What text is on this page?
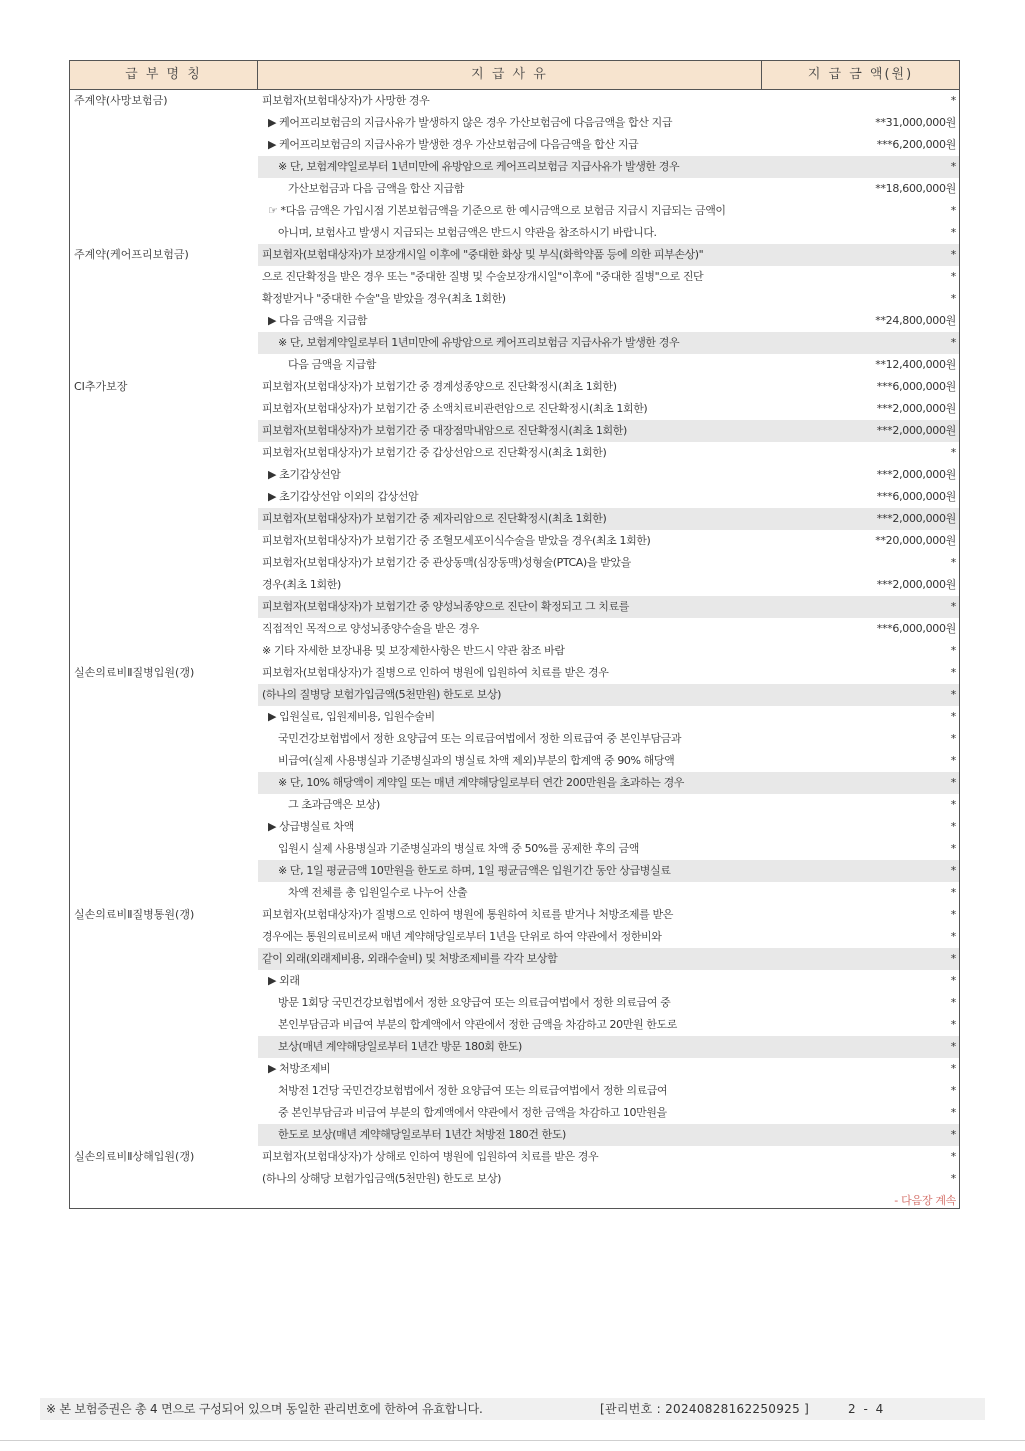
급 부 명 칭	지 급 사 유	지 급 금 액(원)
주계약(사망보험금)	피보험자(보험대상자)가 사망한 경우	*
▶ 케어프리보험금의 지급사유가 발생하지 않은 경우 가산보험금에 다음금액을 합산 지급	**31,000,000원
▶ 케어프리보험금의 지급사유가 발생한 경우 가산보험금에 다음금액을 합산 지급	***6,200,000원
※ 단, 보험계약일로부터 1년미만에 유방암으로 케어프리보험금 지급사유가 발생한 경우	*
가산보험금과 다음 금액을 합산 지급함	**18,600,000원
☞ *다음 금액은 가입시점 기본보험금액을 기준으로 한 예시금액으로 보험금 지급시 지급되는 금액이	*
아니며, 보험사고 발생시 지급되는 보험금액은 반드시 약관을 참조하시기 바랍니다.	*
주계약(케어프리보험금)	피보험자(보험대상자)가 보장개시일 이후에 "중대한 화상 및 부식(화학약품 등에 의한 피부손상)"	*
으로 진단확정을 받은 경우 또는 "중대한 질병 및 수술보장개시일"이후에 "중대한 질병"으로 진단	*
확정받거나 "중대한 수술"을 받았을 경우(최초 1회한)	*
▶ 다음 금액을 지급함	**24,800,000원
※ 단, 보험계약일로부터 1년미만에 유방암으로 케어프리보험금 지급사유가 발생한 경우	*
다음 금액을 지급함	**12,400,000원
CI추가보장	피보험자(보험대상자)가 보험기간 중 경계성종양으로 진단확정시(최초 1회한)	***6,000,000원
피보험자(보험대상자)가 보험기간 중 소액치료비관련암으로 진단확정시(최초 1회한)	***2,000,000원
피보험자(보험대상자)가 보험기간 중 대장점막내암으로 진단확정시(최초 1회한)	***2,000,000원
피보험자(보험대상자)가 보험기간 중 갑상선암으로 진단확정시(최초 1회한)	*
▶ 초기갑상선암	***2,000,000원
▶ 초기갑상선암 이외의 갑상선암	***6,000,000원
피보험자(보험대상자)가 보험기간 중 제자리암으로 진단확정시(최초 1회한)	***2,000,000원
피보험자(보험대상자)가 보험기간 중 조혈모세포이식수술을 받았을 경우(최초 1회한)	**20,000,000원
피보험자(보험대상자)가 보험기간 중 관상동맥(심장동맥)성형술(PTCA)을 받았을	*
경우(최초 1회한)	***2,000,000원
피보험자(보험대상자)가 보험기간 중 양성뇌종양으로 진단이 확정되고 그 치료를	*
직접적인 목적으로 양성뇌종양수술을 받은 경우	***6,000,000원
※ 기타 자세한 보장내용 및 보장제한사항은 반드시 약관 참조 바람	*
실손의료비Ⅱ질병입원(갱)	피보험자(보험대상자)가 질병으로 인하여 병원에 입원하여 치료를 받은 경우	*
(하나의 질병당 보험가입금액(5천만원) 한도로 보상)	*
▶ 입원실료, 입원제비용, 입원수술비	*
국민건강보험법에서 정한 요양급여 또는 의료급여법에서 정한 의료급여 중 본인부담금과	*
비급여(실제 사용병실과 기준병실과의 병실료 차액 제외)부분의 합계액 중 90% 해당액	*
※ 단, 10% 해당액이 계약일 또는 매년 계약해당일로부터 연간 200만원을 초과하는 경우	*
그 초과금액은 보상)	*
▶ 상급병실료 차액	*
입원시 실제 사용병실과 기준병실과의 병실료 차액 중 50%를 공제한 후의 금액	*
※ 단, 1일 평균금액 10만원을 한도로 하며, 1일 평균금액은 입원기간 동안 상급병실료	*
차액 전체를 총 입원일수로 나누어 산출	*
실손의료비Ⅱ질병통원(갱)	피보험자(보험대상자)가 질병으로 인하여 병원에 통원하여 치료를 받거나 처방조제를 받은	*
경우에는 통원의료비로써 매년 계약해당일로부터 1년을 단위로 하여 약관에서 정한비와	*
같이 외래(외래제비용, 외래수술비) 및 처방조제비를 각각 보상함	*
▶ 외래	*
방문 1회당 국민건강보험법에서 정한 요양급여 또는 의료급여법에서 정한 의료급여 중	*
본인부담금과 비급여 부분의 합계액에서 약관에서 정한 금액을 차감하고 20만원 한도로	*
보상(매년 계약해당일로부터 1년간 방문 180회 한도)	*
▶ 처방조제비	*
처방전 1건당 국민건강보험법에서 정한 요양급여 또는 의료급여법에서 정한 의료급여	*
중 본인부담금과 비급여 부분의 합계액에서 약관에서 정한 금액을 차감하고 10만원을	*
한도로 보상(매년 계약해당일로부터 1년간 처방전 180건 한도)	*
실손의료비Ⅱ상해입원(갱)	피보험자(보험대상자)가 상해로 인하여 병원에 입원하여 치료를 받은 경우	*
(하나의 상해당 보험가입금액(5천만원) 한도로 보상)	*
- 다음장 계속
※ 본 보험증권은 총 4 면으로 구성되어 있으며 동일한 관리번호에 한하여 유효합니다.	[관리번호 : 20240828162250925 ]	2 - 4
